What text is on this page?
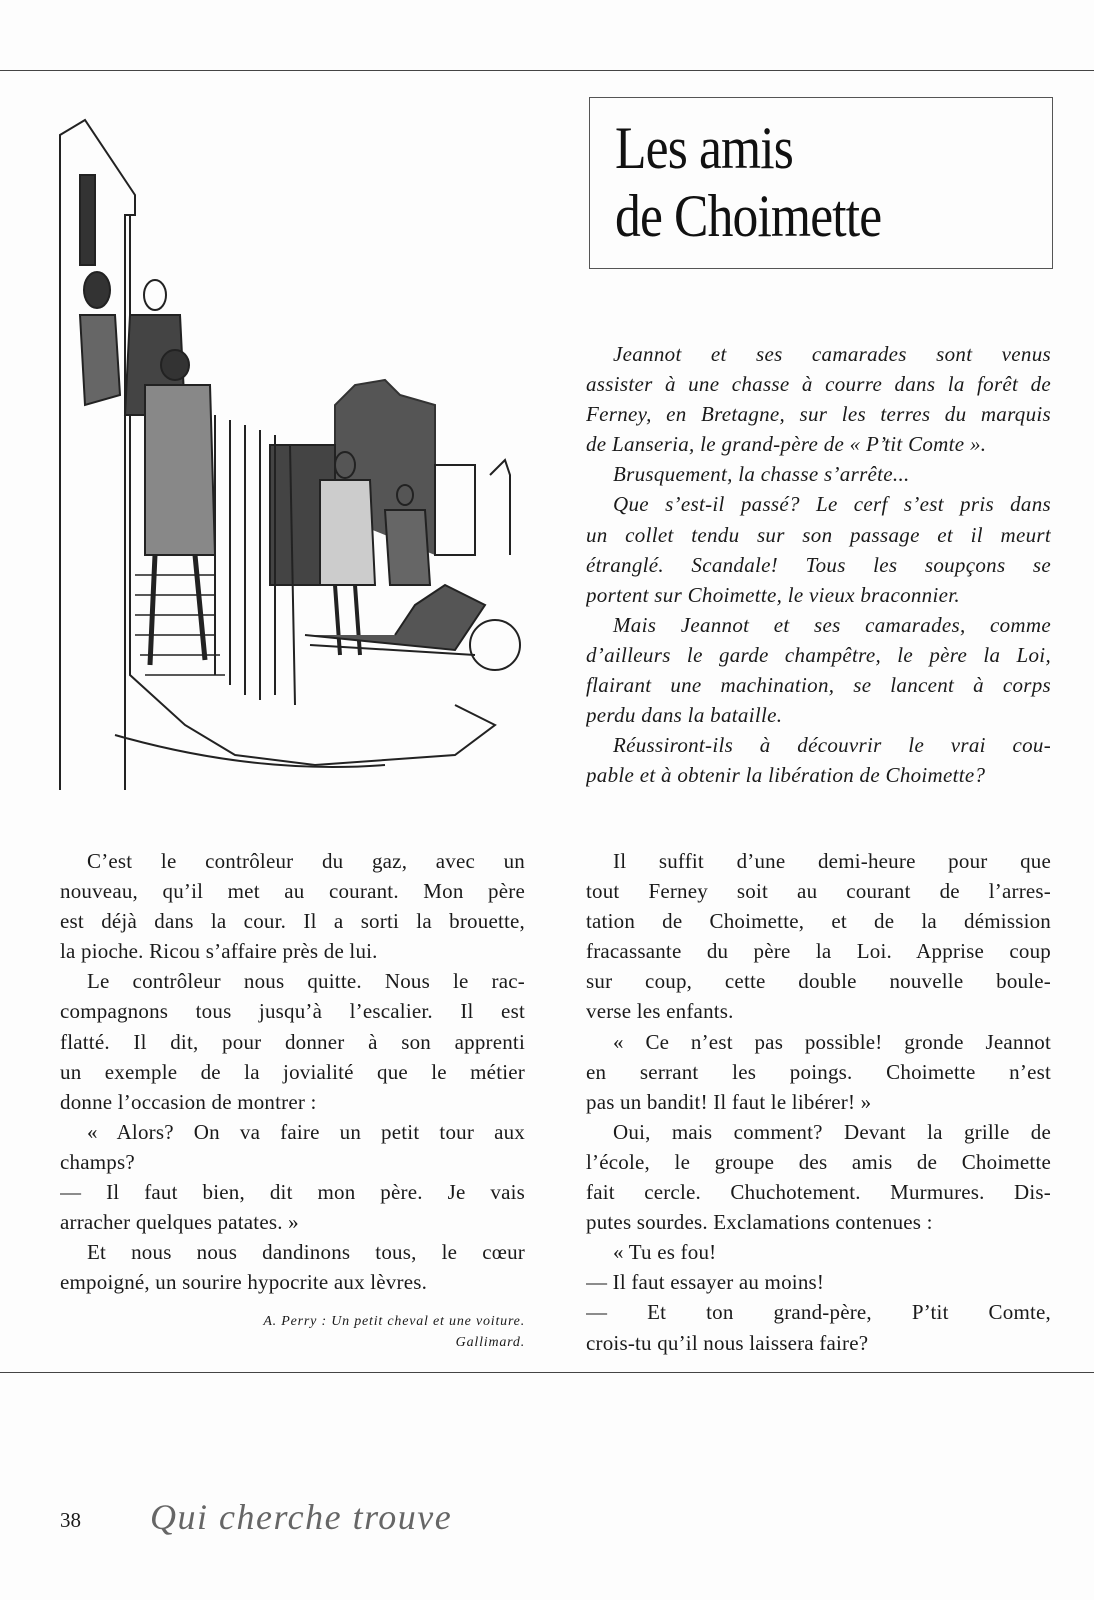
Les amis
de Choimette
Jeannot et ses camarades sont venus
assister à une chasse à courre dans la forêt de
Ferney, en Bretagne, sur les terres du marquis
de Lanseria, le grand-père de « P’tit Comte ».
Brusquement, la chasse s’arrête...
Que s’est-il passé? Le cerf s’est pris dans
un collet tendu sur son passage et il meurt
étranglé. Scandale! Tous les soupçons se
portent sur Choimette, le vieux braconnier.
Mais Jeannot et ses camarades, comme
d’ailleurs le garde champêtre, le père la Loi,
flairant une machination, se lancent à corps
perdu dans la bataille.
Réussiront-ils à découvrir le vrai cou-
pable et à obtenir la libération de Choimette?
C’est le contrôleur du gaz, avec un
nouveau, qu’il met au courant. Mon père
est déjà dans la cour. Il a sorti la brouette,
la pioche. Ricou s’affaire près de lui.
Le contrôleur nous quitte. Nous le rac-
compagnons tous jusqu’à l’escalier. Il est
flatté. Il dit, pour donner à son apprenti
un exemple de la jovialité que le métier
donne l’occasion de montrer :
« Alors? On va faire un petit tour aux
champs?
— Il faut bien, dit mon père. Je vais
arracher quelques patates. »
Et nous nous dandinons tous, le cœur
empoigné, un sourire hypocrite aux lèvres.
Il suffit d’une demi-heure pour que
tout Ferney soit au courant de l’arres-
tation de Choimette, et de la démission
fracassante du père la Loi. Apprise coup
sur coup, cette double nouvelle boule-
verse les enfants.
« Ce n’est pas possible! gronde Jeannot
en serrant les poings. Choimette n’est
pas un bandit! Il faut le libérer! »
Oui, mais comment? Devant la grille de
l’école, le groupe des amis de Choimette
fait cercle. Chuchotement. Murmures. Dis-
putes sourdes. Exclamations contenues :
« Tu es fou!
— Il faut essayer au moins!
— Et ton grand-père, P’tit Comte,
crois-tu qu’il nous laissera faire?
A. Perry : Un petit cheval et une voiture.
Gallimard.
38 Qui cherche trouve
